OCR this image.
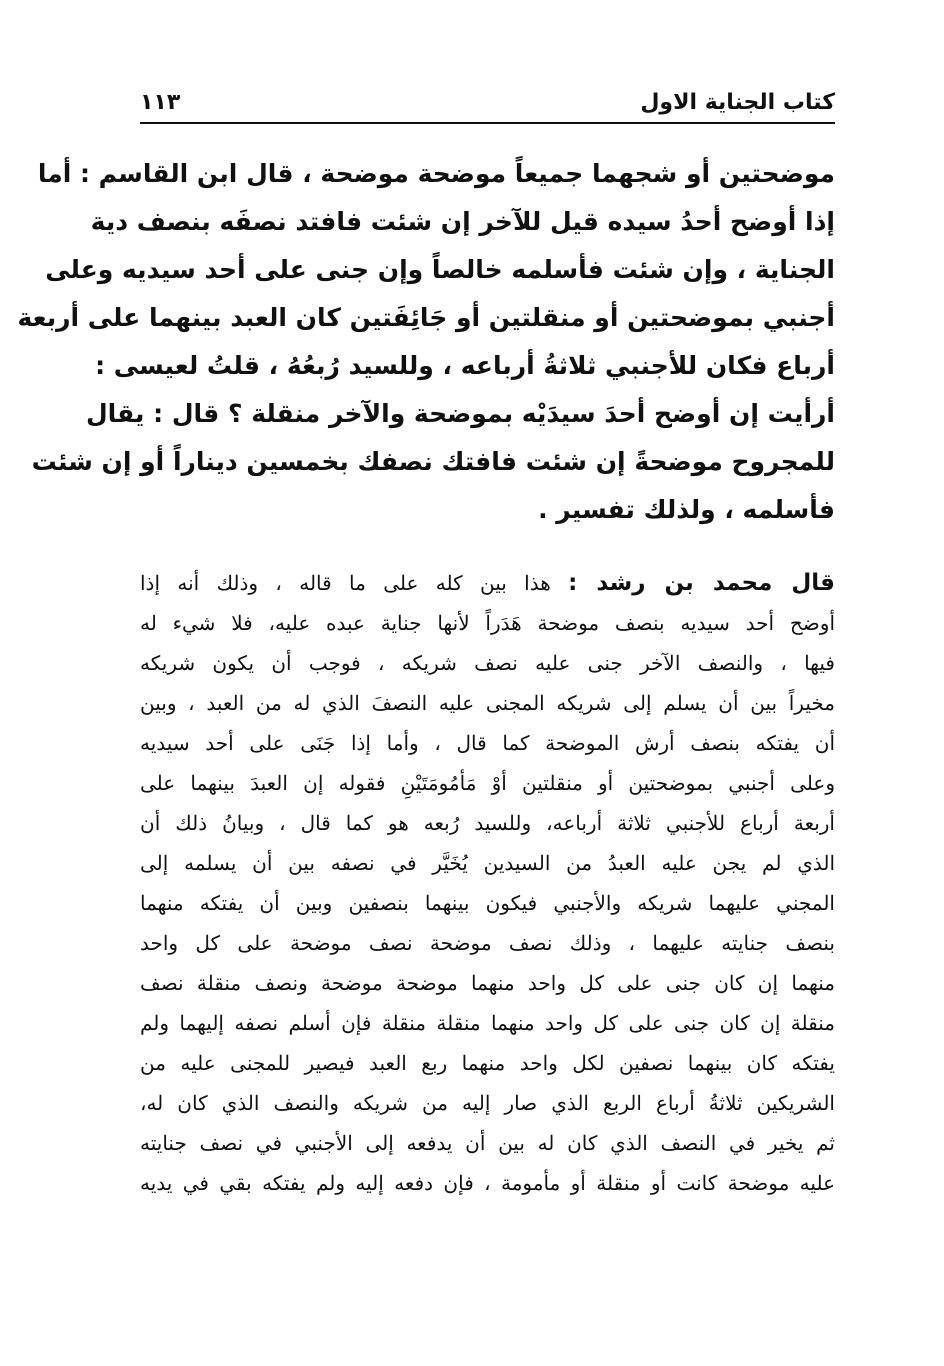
كتاب الجناية الاول
١١٣
موضحتين أو شجهما جميعاً موضحة موضحة ، قال ابن القاسم : أما
إذا أوضح أحدُ سيده قيل للآخر إن شئت فافتد نصفَه بنصف دية
الجناية ، وإن شئت فأسلمه خالصاً وإن جنى على أحد سيديه وعلى
أجنبي بموضحتين أو منقلتين أو جَائِفَتين كان العبد بينهما على أربعة
أرباع فكان للأجنبي ثلاثةُ أرباعه ، وللسيد رُبعُهُ ، قلتُ لعيسى :
أرأيت إن أوضح أحدَ سيدَيْه بموضحة والآخر منقلة ؟ قال : يقال
للمجروح موضحةً إن شئت فافتك نصفك بخمسين ديناراً أو إن شئت
فأسلمه ، ولذلك تفسير .
قال محمد بن رشد : هذا بين كله على ما قاله ، وذلك أنه إذا
أوضح أحد سيديه بنصف موضحة هَدَراً لأنها جناية عبده عليه، فلا شيء له
فيها ، والنصف الآخر جنى عليه نصف شريكه ، فوجب أن يكون شريكه
مخيراً بين أن يسلم إلى شريكه المجنى عليه النصفَ الذي له من العبد ، وبين
أن يفتكه بنصف أرش الموضحة كما قال ، وأما إذا جَنَى على أحد سيديه
وعلى أجنبي بموضحتين أو منقلتين أوْ مَأمُومَتَيْنِ فقوله إن العبدَ بينهما على
أربعة أرباع للأجنبي ثلاثة أرباعه، وللسيد رُبعه هو كما قال ، وبيانُ ذلك أن
الذي لم يجن عليه العبدُ من السيدين يُخَيَّر في نصفه بين أن يسلمه إلى
المجني عليهما شريكه والأجنبي فيكون بينهما بنصفين وبين أن يفتكه منهما
بنصف جنايته عليهما ، وذلك نصف موضحة نصف موضحة على كل واحد
منهما إن كان جنى على كل واحد منهما موضحة موضحة ونصف منقلة نصف
منقلة إن كان جنى على كل واحد منهما منقلة منقلة فإن أسلم نصفه إليهما ولم
يفتكه كان بينهما نصفين لكل واحد منهما ربع العبد فيصير للمجنى عليه من
الشريكين ثلاثةُ أرباع الربع الذي صار إليه من شريكه والنصف الذي كان له،
ثم يخير في النصف الذي كان له بين أن يدفعه إلى الأجنبي في نصف جنايته
عليه موضحة كانت أو منقلة أو مأمومة ، فإن دفعه إليه ولم يفتكه بقي في يديه
